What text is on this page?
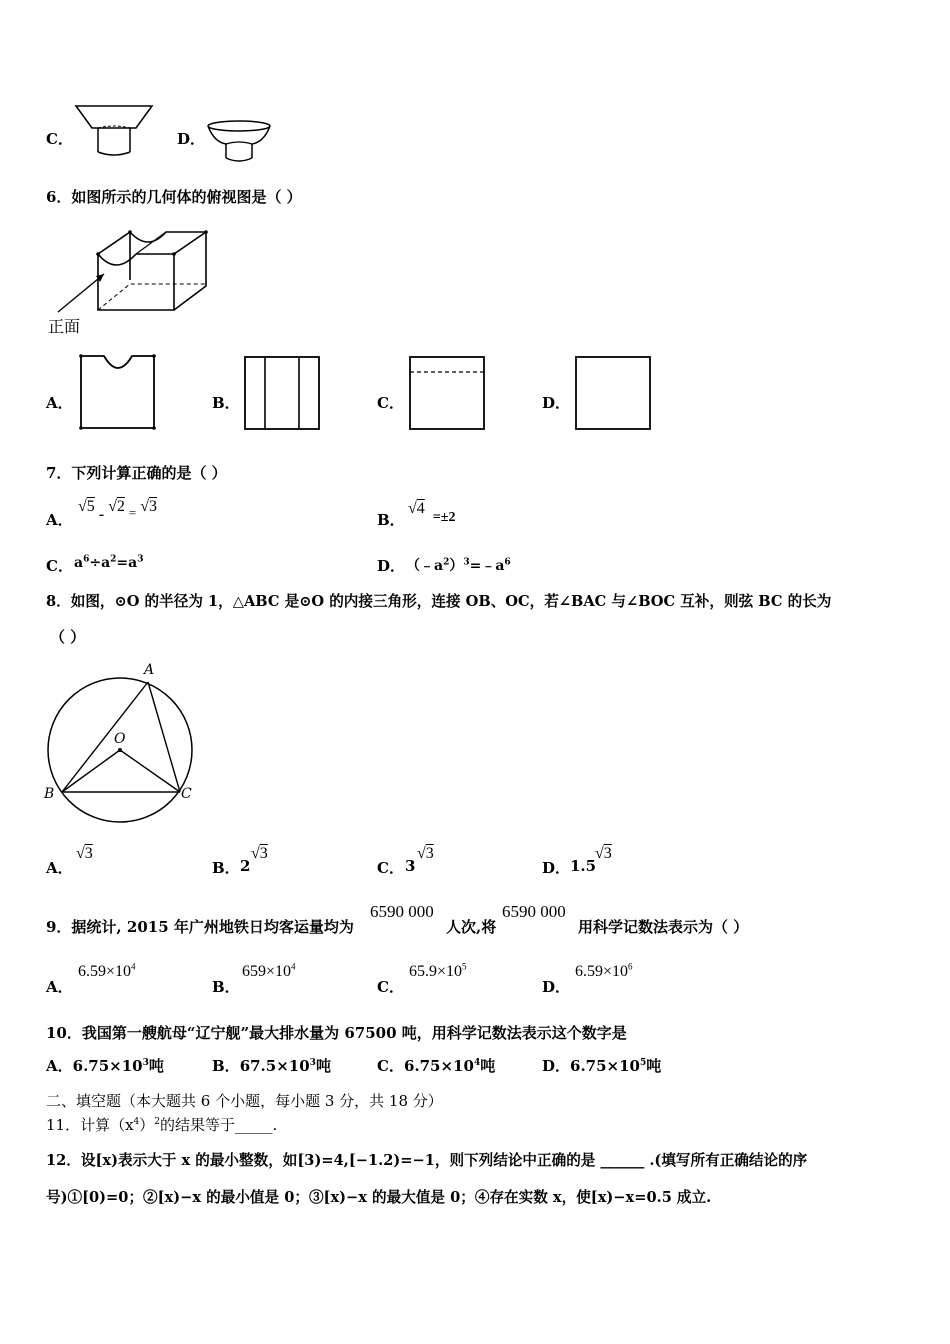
C．	D．
6．如图所示的几何体的俯视图是（ ）
正面
A．	B．	C．	D．
7．下列计算正确的是（ ）
A．
√5 - √2 $_=$ √3
B．
√4 =±2
C． $a^6\div a^2=a^3$	D． $(﹣a^2)^3=﹣a^6$
8．如图，⊙O 的半径为 1，△ABC 是⊙O 的内接三角形，连接 OB、OC，若∠BAC 与∠BOC 互补，则弦 BC 的长为
（ ）
A
O
B	C
A．
√3
B． 2
√3
C． 3
√3
D． 1.5
√3
9．据统计, 2015 年广州地铁日均客运量均为
6590 000
人次,将
6590 000
用科学记数法表示为（ ）
A．
$6.59\times 10^4$
B．
$659\times 10^4$
C．
$65.9\times 10^5$
D．
$6.59\times 10^6$
10．我国第一艘航母“辽宁舰”最大排水量为 67500 吨，用科学记数法表示这个数字是
A．$6.75\times 10^3$吨	B．$67.5\times 10^3$吨	C．$6.75\times 10^4$吨	D．$6.75\times 10^5$吨
二、填空题（本大题共 6 个小题，每小题 3 分，共 18 分）
11．计算$(x^4)^2$的结果等于_____.
12．设[x)表示大于 x 的最小整数，如[3)=4,[−1.2)=−1，则下列结论中正确的是 ______ .(填写所有正确结论的序
号)①[0)=0；②[x)−x 的最小值是 0；③[x)−x 的最大值是 0；④存在实数 x，使[x)−x=0.5 成立.
